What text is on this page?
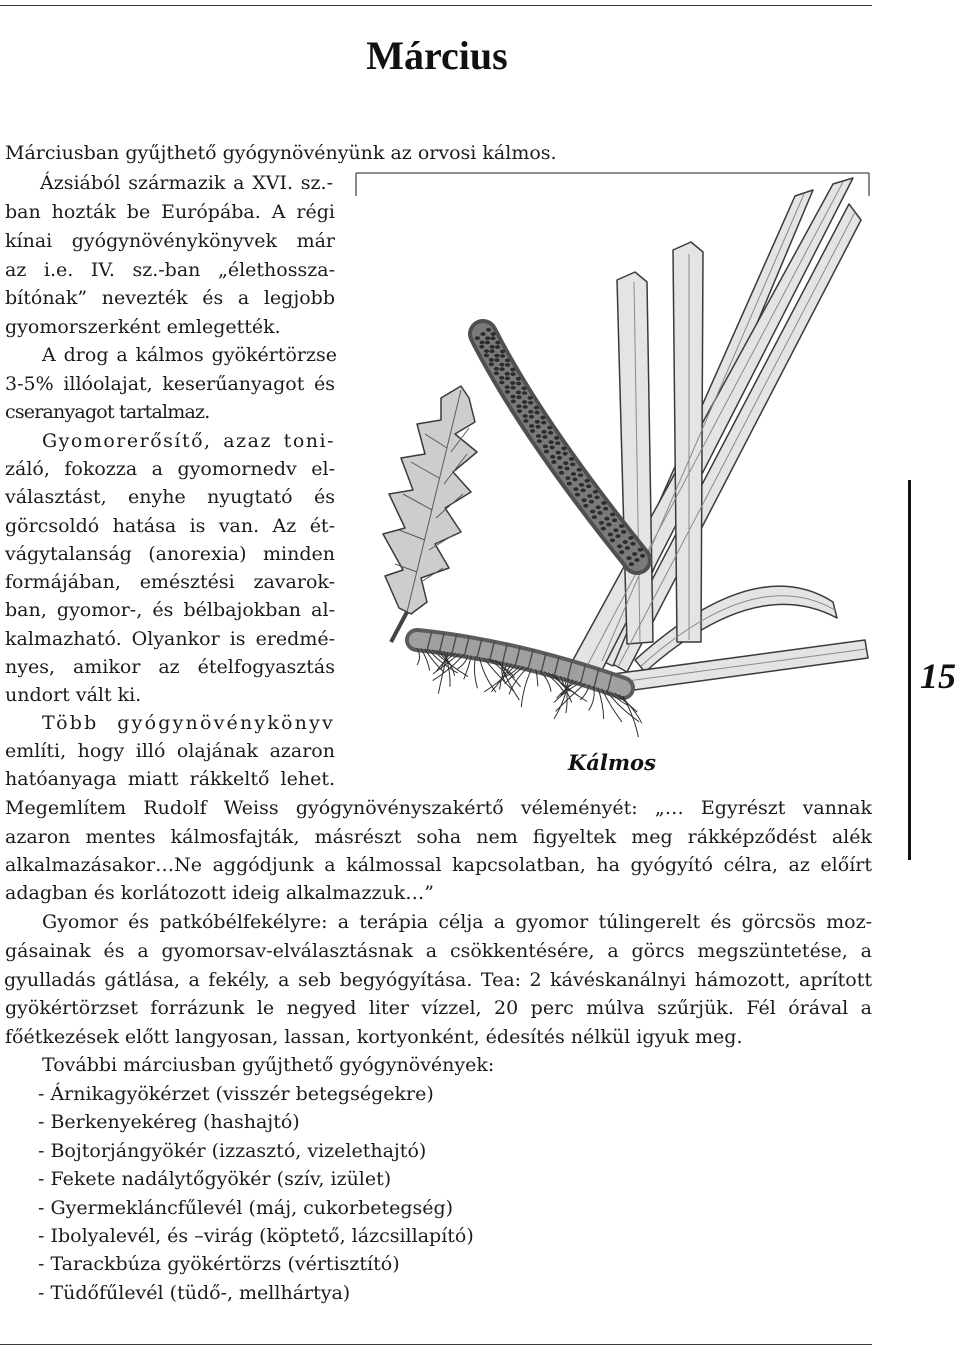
Március
Márciusban gyűjthető gyógynövényünk az orvosi kálmos.
Ázsiából származik a XVI. sz.-
ban hozták be Európába. A régi
kínai gyógynövénykönyvek már
az i.e. IV. sz.-ban „élethossza-
bítónak” nevezték és a legjobb
gyomorszerként emlegették.
A drog a kálmos gyökértörzse
3-5% illóolajat, keserűanyagot és
cseranyagot tartalmaz.
Gyomorerősítő, azaz toni-
záló, fokozza a gyomornedv el-
választást, enyhe nyugtató és
görcsoldó hatása is van. Az ét-
vágytalanság (anorexia) minden
formájában, emésztési zavarok-
ban, gyomor-, és bélbajokban al-
kalmazható. Olyankor is eredmé-
nyes, amikor az ételfogyasztás
undort vált ki.
Több gyógynövénykönyv
említi, hogy illó olajának azaron
hatóanyaga miatt rákkeltő lehet.
Kálmos
Megemlítem Rudolf Weiss gyógynövényszakértő véleményét: „… Egyrészt vannak
azaron mentes kálmosfajták, másrészt soha nem figyeltek meg rákképződést alék
alkalmazásakor…Ne aggódjunk a kálmossal kapcsolatban, ha gyógyító célra, az előírt
adagban és korlátozott ideig alkalmazzuk…”
Gyomor és patkóbélfekélyre: a terápia célja a gyomor túlingerelt és görcsös moz-
gásainak és a gyomorsav-elválasztásnak a csökkentésére, a görcs megszüntetése, a
gyulladás gátlása, a fekély, a seb begyógyítása. Tea: 2 kávéskanálnyi hámozott, aprított
gyökértörzset forrázunk le negyed liter vízzel, 20 perc múlva szűrjük. Fél órával a
főétkezések előtt langyosan, lassan, kortyonként, édesítés nélkül igyuk meg.
További márciusban gyűjthető gyógynövények:
- Árnikagyökérzet (visszér betegségekre)
- Berkenyekéreg (hashajtó)
- Bojtorjángyökér (izzasztó, vizelethajtó)
- Fekete nadálytőgyökér (szív, izület)
- Gyermekláncfűlevél (máj, cukorbetegség)
- Ibolyalevél, és –virág (köptető, lázcsillapító)
- Tarackbúza gyökértörzs (vértisztító)
- Tüdőfűlevél (tüdő-, mellhártya)
15
